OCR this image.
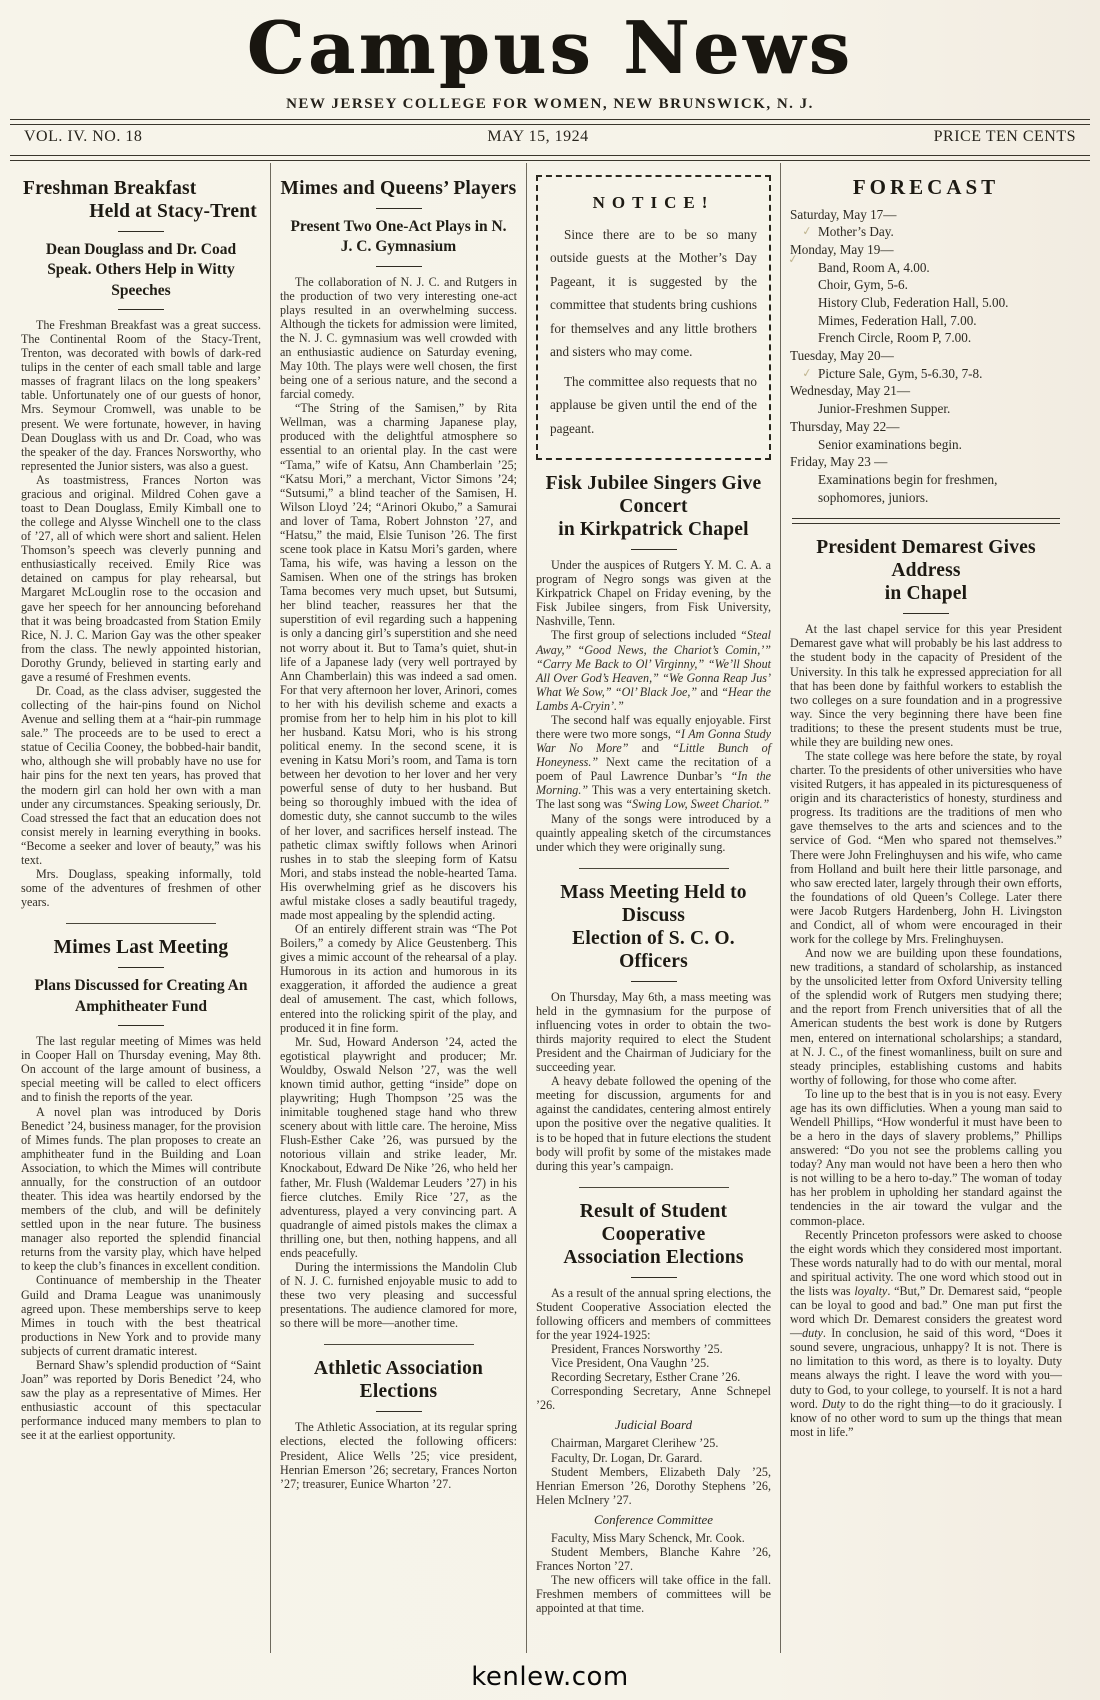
Campus News
NEW JERSEY COLLEGE FOR WOMEN, NEW BRUNSWICK, N. J.
VOL. IV. NO. 18	MAY 15, 1924	PRICE TEN CENTS
Freshman Breakfast
Held at Stacy-Trent
Dean Douglass and Dr. Coad Speak. Others Help in Witty Speeches

The Freshman Breakfast was a great success. The Continental Room of the Stacy-Trent, Trenton, was decorated with bowls of dark-red tulips in the center of each small table and large masses of fragrant lilacs on the long speakers’ table. Unfortunately one of our guests of honor, Mrs. Seymour Cromwell, was unable to be present. We were fortunate, however, in having Dean Douglass with us and Dr. Coad, who was the speaker of the day. Frances Norsworthy, who represented the Junior sisters, was also a guest.

As toastmistress, Frances Norton was gracious and original. Mildred Cohen gave a toast to Dean Douglass, Emily Kimball one to the college and Alysse Winchell one to the class of ’27, all of which were short and salient. Helen Thomson’s speech was cleverly punning and enthusiastically received. Emily Rice was detained on campus for play rehearsal, but Margaret McLouglin rose to the occasion and gave her speech for her announcing beforehand that it was being broadcasted from Station Emily Rice, N. J. C. Marion Gay was the other speaker from the class. The newly appointed historian, Dorothy Grundy, believed in starting early and gave a resumé of Freshmen events.

Dr. Coad, as the class adviser, suggested the collecting of the hair-pins found on Nichol Avenue and selling them at a “hair-pin rummage sale.” The proceeds are to be used to erect a statue of Cecilia Cooney, the bobbed-hair bandit, who, although she will probably have no use for hair pins for the next ten years, has proved that the modern girl can hold her own with a man under any circumstances. Speaking seriously, Dr. Coad stressed the fact that an education does not consist merely in learning everything in books. “Become a seeker and lover of beauty,” was his text.

Mrs. Douglass, speaking informally, told some of the adventures of freshmen of other years.

Mimes Last Meeting
Plans Discussed for Creating An Amphitheater Fund

The last regular meeting of Mimes was held in Cooper Hall on Thursday evening, May 8th. On account of the large amount of business, a special meeting will be called to elect officers and to finish the reports of the year.

A novel plan was introduced by Doris Benedict ’24, business manager, for the provision of Mimes funds. The plan proposes to create an amphitheater fund in the Building and Loan Association, to which the Mimes will contribute annually, for the construction of an outdoor theater. This idea was heartily endorsed by the members of the club, and will be definitely settled upon in the near future. The business manager also reported the splendid financial returns from the varsity play, which have helped to keep the club’s finances in excellent condition.

Continuance of membership in the Theater Guild and Drama League was unanimously agreed upon. These memberships serve to keep Mimes in touch with the best theatrical productions in New York and to provide many subjects of current dramatic interest.

Bernard Shaw’s splendid production of “Saint Joan” was reported by Doris Benedict ’24, who saw the play as a representative of Mimes. Her enthusiastic account of this spectacular performance induced many members to plan to see it at the earliest opportunity.

Mimes and Queens’ Players
Present Two One-Act Plays in N. J. C. Gymnasium

The collaboration of N. J. C. and Rutgers in the production of two very interesting one-act plays resulted in an overwhelming success. Although the tickets for admission were limited, the N. J. C. gymnasium was well crowded with an enthusiastic audience on Saturday evening, May 10th. The plays were well chosen, the first being one of a serious nature, and the second a farcial comedy.

“The String of the Samisen,” by Rita Wellman, was a charming Japanese play, produced with the delightful atmosphere so essential to an oriental play. In the cast were “Tama,” wife of Katsu, Ann Chamberlain ’25; “Katsu Mori,” a merchant, Victor Simons ’24; “Sutsumi,” a blind teacher of the Samisen, H. Wilson Lloyd ’24; “Arinori Okubo,” a Samurai and lover of Tama, Robert Johnston ’27, and “Hatsu,” the maid, Elsie Tunison ’26. The first scene took place in Katsu Mori’s garden, where Tama, his wife, was having a lesson on the Samisen. When one of the strings has broken Tama becomes very much upset, but Sutsumi, her blind teacher, reassures her that the superstition of evil regarding such a happening is only a dancing girl’s superstition and she need not worry about it. But to Tama’s quiet, shut-in life of a Japanese lady (very well portrayed by Ann Chamberlain) this was indeed a sad omen. For that very afternoon her lover, Arinori, comes to her with his devilish scheme and exacts a promise from her to help him in his plot to kill her husband. Katsu Mori, who is his strong political enemy. In the second scene, it is evening in Katsu Mori’s room, and Tama is torn between her devotion to her lover and her very powerful sense of duty to her husband. But being so thoroughly imbued with the idea of domestic duty, she cannot succumb to the wiles of her lover, and sacrifices herself instead. The pathetic climax swiftly follows when Arinori rushes in to stab the sleeping form of Katsu Mori, and stabs instead the noble-hearted Tama. His overwhelming grief as he discovers his awful mistake closes a sadly beautiful tragedy, made most appealing by the splendid acting.

Of an entirely different strain was “The Pot Boilers,” a comedy by Alice Geustenberg. This gives a mimic account of the rehearsal of a play. Humorous in its action and humorous in its exaggeration, it afforded the audience a great deal of amusement. The cast, which follows, entered into the rolicking spirit of the play, and produced it in fine form.

Mr. Sud, Howard Anderson ’24, acted the egotistical playwright and producer; Mr. Wouldby, Oswald Nelson ’27, was the well known timid author, getting “inside” dope on playwriting; Hugh Thompson ’25 was the inimitable toughened stage hand who threw scenery about with little care. The heroine, Miss Flush-Esther Cake ’26, was pursued by the notorious villain and strike leader, Mr. Knockabout, Edward De Nike ’26, who held her father, Mr. Flush (Waldemar Leuders ’27) in his fierce clutches. Emily Rice ’27, as the adventuress, played a very convincing part. A quadrangle of aimed pistols makes the climax a thrilling one, but then, nothing happens, and all ends peacefully.

During the intermissions the Mandolin Club of N. J. C. furnished enjoyable music to add to these two very pleasing and successful presentations. The audience clamored for more, so there will be more—another time.

Athletic Association Elections

The Athletic Association, at its regular spring elections, elected the following officers: President, Alice Wells ’25; vice president, Henrian Emerson ’26; secretary, Frances Norton ’27; treasurer, Eunice Wharton ’27.

NOTICE!

Since there are to be so many outside guests at the Mother’s Day Pageant, it is suggested by the committee that students bring cushions for themselves and any little brothers and sisters who may come.

The committee also requests that no applause be given until the end of the pageant.

Fisk Jubilee Singers Give Concert
in Kirkpatrick Chapel

Under the auspices of Rutgers Y. M. C. A. a program of Negro songs was given at the Kirkpatrick Chapel on Friday evening, by the Fisk Jubilee singers, from Fisk University, Nashville, Tenn.

The first group of selections included “Steal Away,” “Good News, the Chariot’s Comin,’” “Carry Me Back to Ol’ Virginny,” “We’ll Shout All Over God’s Heaven,” “We Gonna Reap Jus’ What We Sow,” “Ol’ Black Joe,” and “Hear the Lambs A-Cryin’.”

The second half was equally enjoyable. First there were two more songs, “I Am Gonna Study War No More” and “Little Bunch of Honeyness.” Next came the recitation of a poem of Paul Lawrence Dunbar’s “In the Morning.” This was a very entertaining sketch. The last song was “Swing Low, Sweet Chariot.”

Many of the songs were introduced by a quaintly appealing sketch of the circumstances under which they were originally sung.

Mass Meeting Held to Discuss
Election of S. C. O. Officers

On Thursday, May 6th, a mass meeting was held in the gymnasium for the purpose of influencing votes in order to obtain the two-thirds majority required to elect the Student President and the Chairman of Judiciary for the succeeding year.

A heavy debate followed the opening of the meeting for discussion, arguments for and against the candidates, centering almost entirely upon the positive over the negative qualities. It is to be hoped that in future elections the student body will profit by some of the mistakes made during this year’s campaign.

Result of Student Cooperative
Association Elections

As a result of the annual spring elections, the Student Cooperative Association elected the following officers and members of committees for the year 1924-1925:

President, Frances Norsworthy ’25.

Vice President, Ona Vaughn ’25.

Recording Secretary, Esther Crane ’26.

Corresponding Secretary, Anne Schnepel ’26.

Judicial Board

Chairman, Margaret Clerihew ’25.

Faculty, Dr. Logan, Dr. Garard.

Student Members, Elizabeth Daly ’25, Henrian Emerson ’26, Dorothy Stephens ’26, Helen McInery ’27.

Conference Committee

Faculty, Miss Mary Schenck, Mr. Cook.

Student Members, Blanche Kahre ’26, Frances Norton ’27.

The new officers will take office in the fall. Freshmen members of committees will be appointed at that time.

FORECAST
Saturday, May 17—
✓ Mother’s Day.
✓
Monday, May 19—
Band, Room A, 4.00.
Choir, Gym, 5-6.
History Club, Federation Hall, 5.00.
Mimes, Federation Hall, 7.00.
French Circle, Room P, 7.00.
Tuesday, May 20—
✓ Picture Sale, Gym, 5-6.30, 7-8.
Wednesday, May 21—
Junior-Freshmen Supper.
Thursday, May 22—
Senior examinations begin.
Friday, May 23 —
Examinations begin for freshmen, sophomores, juniors.
President Demarest Gives Address
in Chapel

At the last chapel service for this year President Demarest gave what will probably be his last address to the student body in the capacity of President of the University. In this talk he expressed appreciation for all that has been done by faithful workers to establish the two colleges on a sure foundation and in a progressive way. Since the very beginning there have been fine traditions; to these the present students must be true, while they are building new ones.

The state college was here before the state, by royal charter. To the presidents of other universities who have visited Rutgers, it has appealed in its picturesqueness of origin and its characteristics of honesty, sturdiness and progress. Its traditions are the traditions of men who gave themselves to the arts and sciences and to the service of God. “Men who spared not themselves.” There were John Frelinghuysen and his wife, who came from Holland and built here their little parsonage, and who saw erected later, largely through their own efforts, the foundations of old Queen’s College. Later there were Jacob Rutgers Hardenberg, John H. Livingston and Condict, all of whom were encouraged in their work for the college by Mrs. Frelinghuysen.

And now we are building upon these foundations, new traditions, a standard of scholarship, as instanced by the unsolicited letter from Oxford University telling of the splendid work of Rutgers men studying there; and the report from French universities that of all the American students the best work is done by Rutgers men, entered on international scholarships; a standard, at N. J. C., of the finest womanliness, built on sure and steady principles, establishing customs and habits worthy of following, for those who come after.

To line up to the best that is in you is not easy. Every age has its own difficluties. When a young man said to Wendell Phillips, “How wonderful it must have been to be a hero in the days of slavery problems,” Phillips answered: “Do you not see the problems calling you today? Any man would not have been a hero then who is not willing to be a hero to-day.” The woman of today has her problem in upholding her standard against the tendencies in the air toward the vulgar and the common-place.

Recently Princeton professors were asked to choose the eight words which they considered most important. These words naturally had to do with our mental, moral and spiritual activity. The one word which stood out in the lists was loyalty. “But,” Dr. Demarest said, “people can be loyal to good and bad.” One man put first the word which Dr. Demarest considers the greatest word—duty. In conclusion, he said of this word, “Does it sound severe, ungracious, unhappy? It is not. There is no limitation to this word, as there is to loyalty. Duty means always the right. I leave the word with you—duty to God, to your college, to yourself. It is not a hard word. Duty to do the right thing—to do it graciously. I know of no other word to sum up the things that mean most in life.”

kenlew.com
